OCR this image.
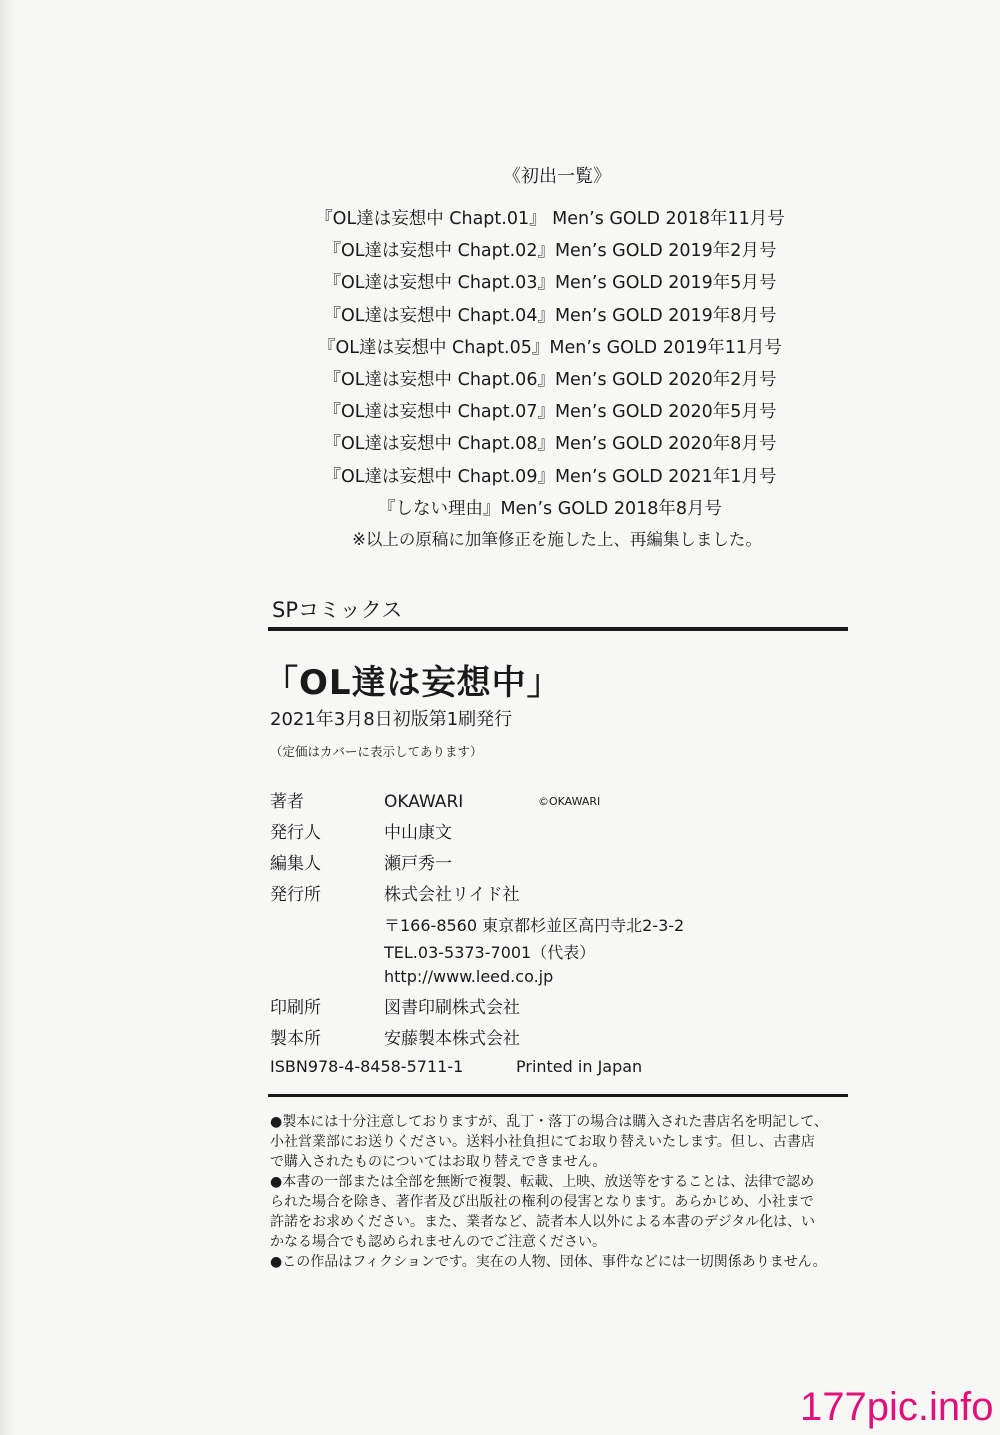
《初出一覧》
『OL達は妄想中 Chapt.01』 Men’s GOLD 2018年11月号
『OL達は妄想中 Chapt.02』Men’s GOLD 2019年2月号
『OL達は妄想中 Chapt.03』Men’s GOLD 2019年5月号
『OL達は妄想中 Chapt.04』Men’s GOLD 2019年8月号
『OL達は妄想中 Chapt.05』Men’s GOLD 2019年11月号
『OL達は妄想中 Chapt.06』Men’s GOLD 2020年2月号
『OL達は妄想中 Chapt.07』Men’s GOLD 2020年5月号
『OL達は妄想中 Chapt.08』Men’s GOLD 2020年8月号
『OL達は妄想中 Chapt.09』Men’s GOLD 2021年1月号
『しない理由』Men’s GOLD 2018年8月号
※以上の原稿に加筆修正を施した上、再編集しました。
SPコミックス
「OL達は妄想中」
2021年3月8日初版第1刷発行
（定価はカバーに表示してあります）
著者	OKAWARI	©OKAWARI
発行人	中山康文
編集人	瀬戸秀一
発行所	株式会社リイド社
〒166-8560 東京都杉並区高円寺北2-3-2
TEL.03-5373-7001（代表）
http://www.leed.co.jp
印刷所	図書印刷株式会社
製本所	安藤製本株式会社
ISBN978-4-8458-5711-1	Printed in Japan

●製本には十分注意しておりますが、乱丁・落丁の場合は購入された書店名を明記して、

小社営業部にお送りください。送料小社負担にてお取り替えいたします。但し、古書店

で購入されたものについてはお取り替えできません。

●本書の一部または全部を無断で複製、転載、上映、放送等をすることは、法律で認め

られた場合を除き、著作者及び出版社の権利の侵害となります。あらかじめ、小社まで

許諾をお求めください。また、業者など、読者本人以外による本書のデジタル化は、い

かなる場合でも認められませんのでご注意ください。

●この作品はフィクションです。実在の人物、団体、事件などには一切関係ありません。

177pic.info
